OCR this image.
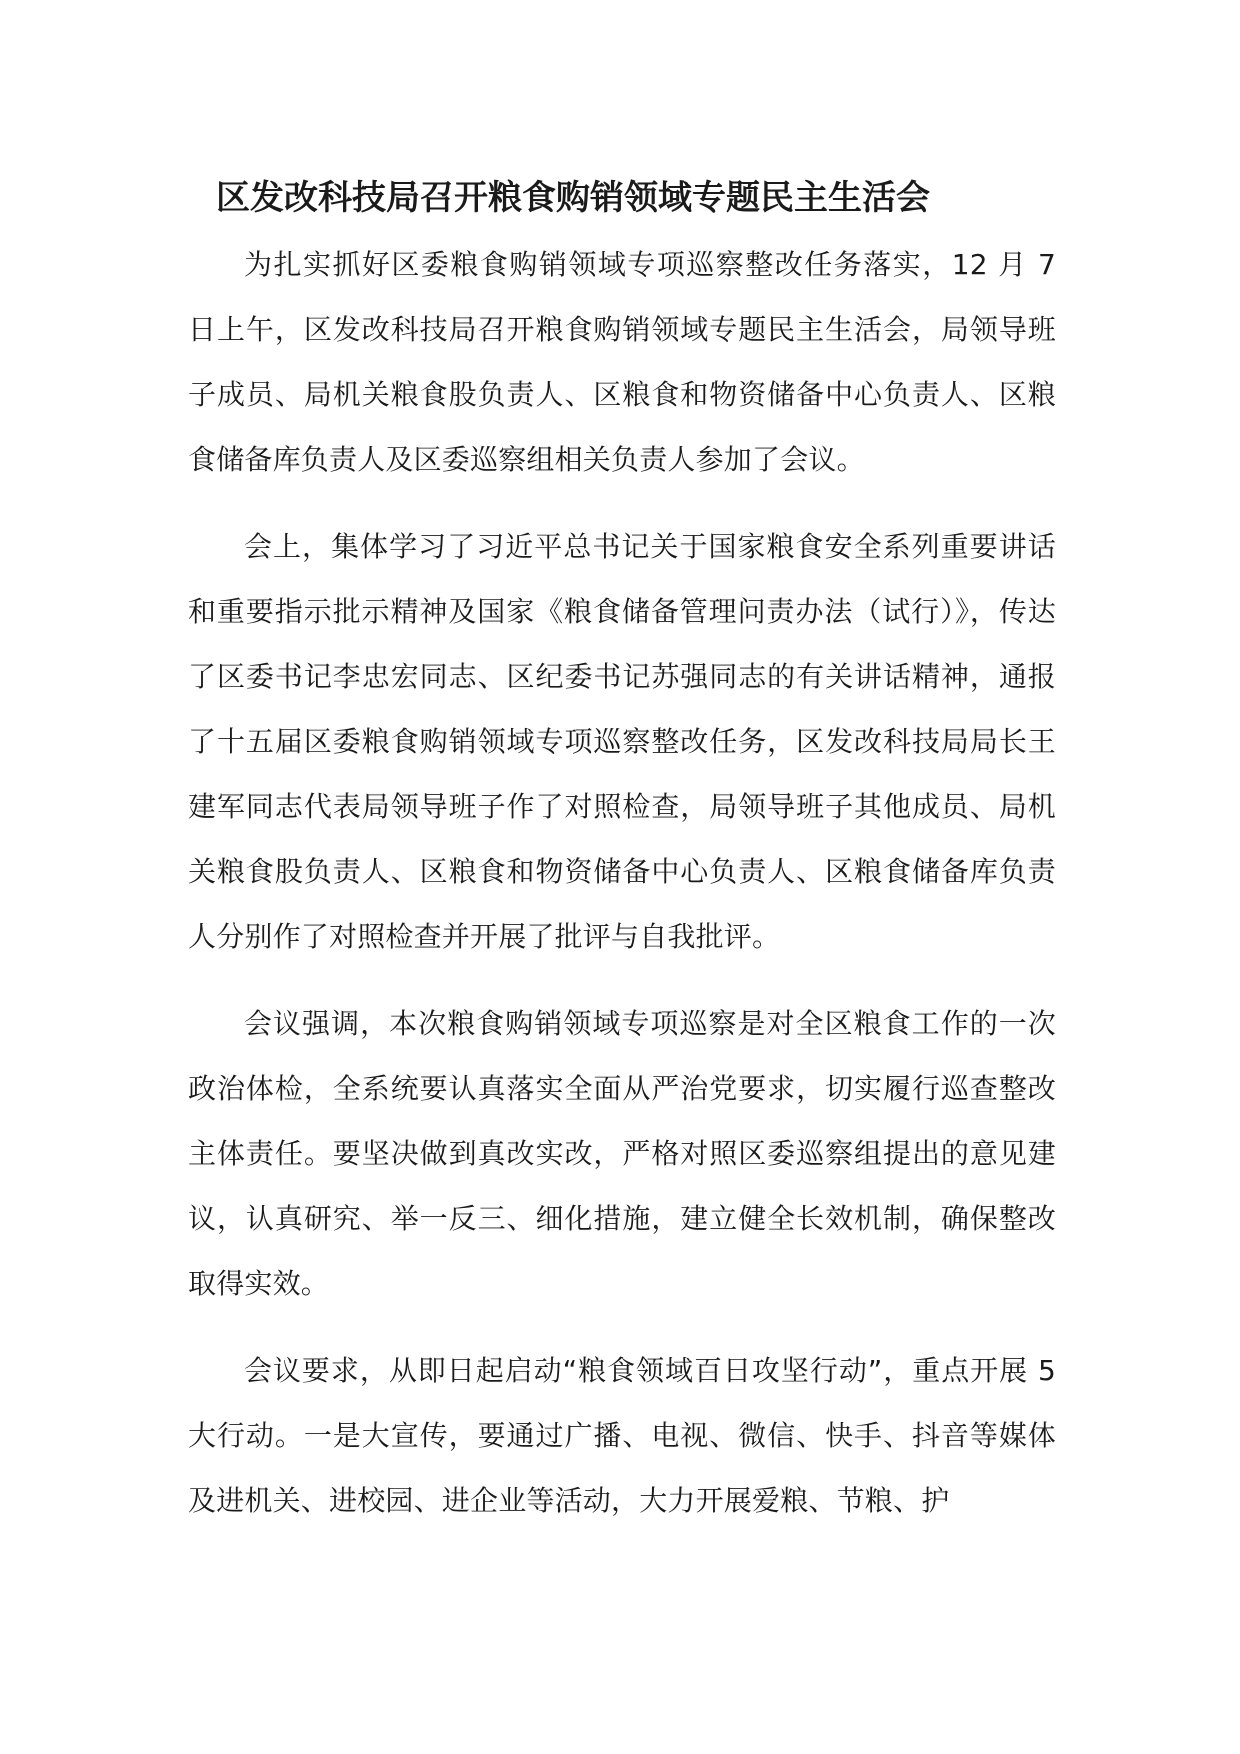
区发改科技局召开粮食购销领域专题民主生活会

为扎实抓好区委粮食购销领域专项巡察整改任务落实，12 月 7 日上午，区发改科技局召开粮食购销领域专题民主生活会，局领导班子成员、局机关粮食股负责人、区粮食和物资储备中心负责人、区粮食储备库负责人及区委巡察组相关负责人参加了会议。

会上，集体学习了习近平总书记关于国家粮食安全系列重要讲话和重要指示批示精神及国家《粮食储备管理问责办法（试行）》，传达了区委书记李忠宏同志、区纪委书记苏强同志的有关讲话精神，通报了十五届区委粮食购销领域专项巡察整改任务，区发改科技局局长王建军同志代表局领导班子作了对照检查，局领导班子其他成员、局机关粮食股负责人、区粮食和物资储备中心负责人、区粮食储备库负责人分别作了对照检查并开展了批评与自我批评。

会议强调，本次粮食购销领域专项巡察是对全区粮食工作的一次政治体检，全系统要认真落实全面从严治党要求，切实履行巡查整改主体责任。要坚决做到真改实改，严格对照区委巡察组提出的意见建议，认真研究、举一反三、细化措施，建立健全长效机制，确保整改取得实效。

会议要求，从即日起启动“粮食领域百日攻坚行动”，重点开展 5 大行动。一是大宣传，要通过广播、电视、微信、快手、抖音等媒体及进机关、进校园、进企业等活动，大力开展爱粮、节粮、护
